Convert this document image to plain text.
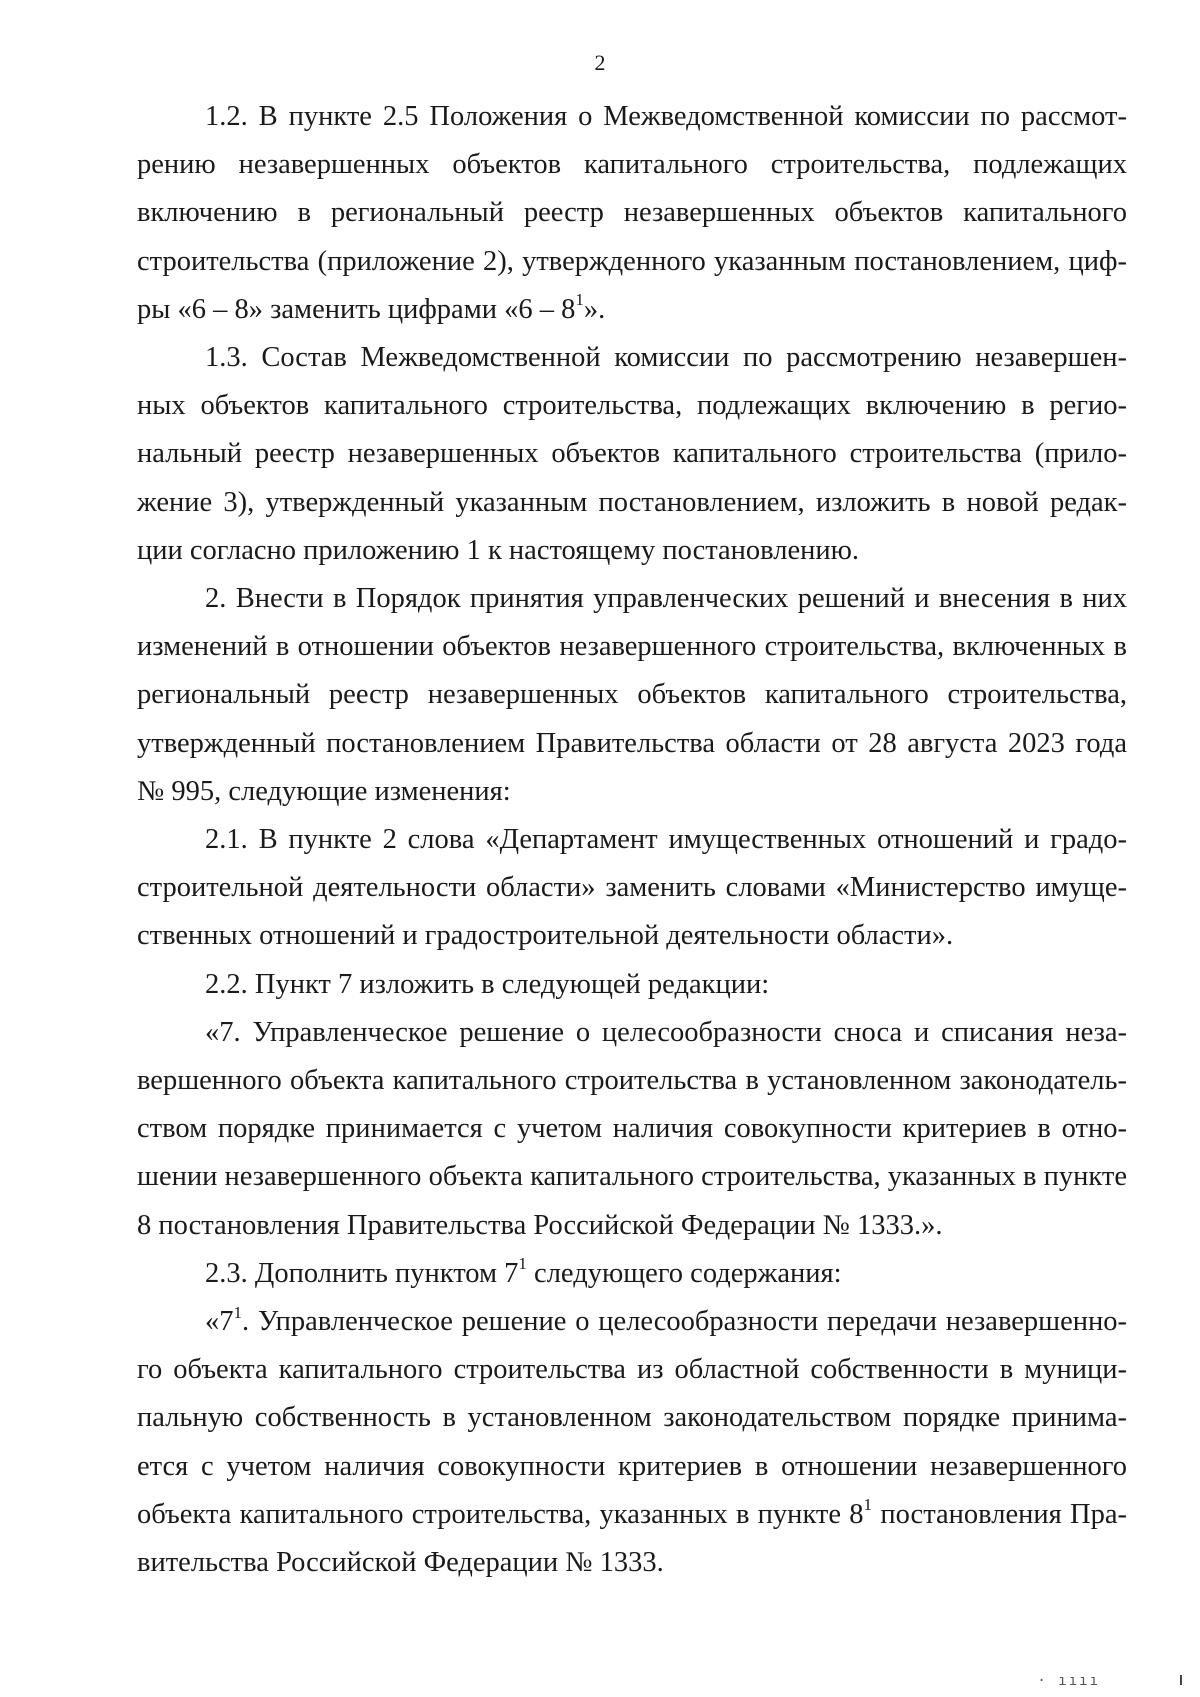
2

1.2. В пункте 2.5 Положения о Межведомственной комиссии по рассмотрению незавершенных объектов капитального строительства, подлежащих включению в региональный реестр незавершенных объектов капитального строительства (приложение 2), утвержденного указанным постановлением, цифры «6 – 8» заменить цифрами «$6 - 8^1$».

1.3. Состав Межведомственной комиссии по рассмотрению незавершенных объектов капитального строительства, подлежащих включению в региональный реестр незавершенных объектов капитального строительства (приложение 3), утвержденный указанным постановлением, изложить в новой редакции согласно приложению 1 к настоящему постановлению.

2. Внести в Порядок принятия управленческих решений и внесения в них изменений в отношении объектов незавершенного строительства, включенных в региональный реестр незавершенных объектов капитального строительства, утвержденный постановлением Правительства области от 28 августа 2023 года № 995, следующие изменения:

2.1. В пункте 2 слова «Департамент имущественных отношений и градостроительной деятельности области» заменить словами «Министерство имущественных отношений и градостроительной деятельности области».

2.2. Пункт 7 изложить в следующей редакции:

«7. Управленческое решение о целесообразности сноса и списания незавершенного объекта капитального строительства в установленном законодательством порядке принимается с учетом наличия совокупности критериев в отношении незавершенного объекта капитального строительства, указанных в пункте 8 постановления Правительства Российской Федерации № 1333.».

2.3. Дополнить пунктом $7^1$ следующего содержания:

«$7^1$. Управленческое решение о целесообразности передачи незавершенного объекта капитального строительства из областной собственности в муниципальную собственность в установленном законодательством порядке принимается с учетом наличия совокупности критериев в отношении незавершенного объекта капитального строительства, указанных в пункте $8^1$ постановления Правительства Российской Федерации № 1333.

· ıııı
